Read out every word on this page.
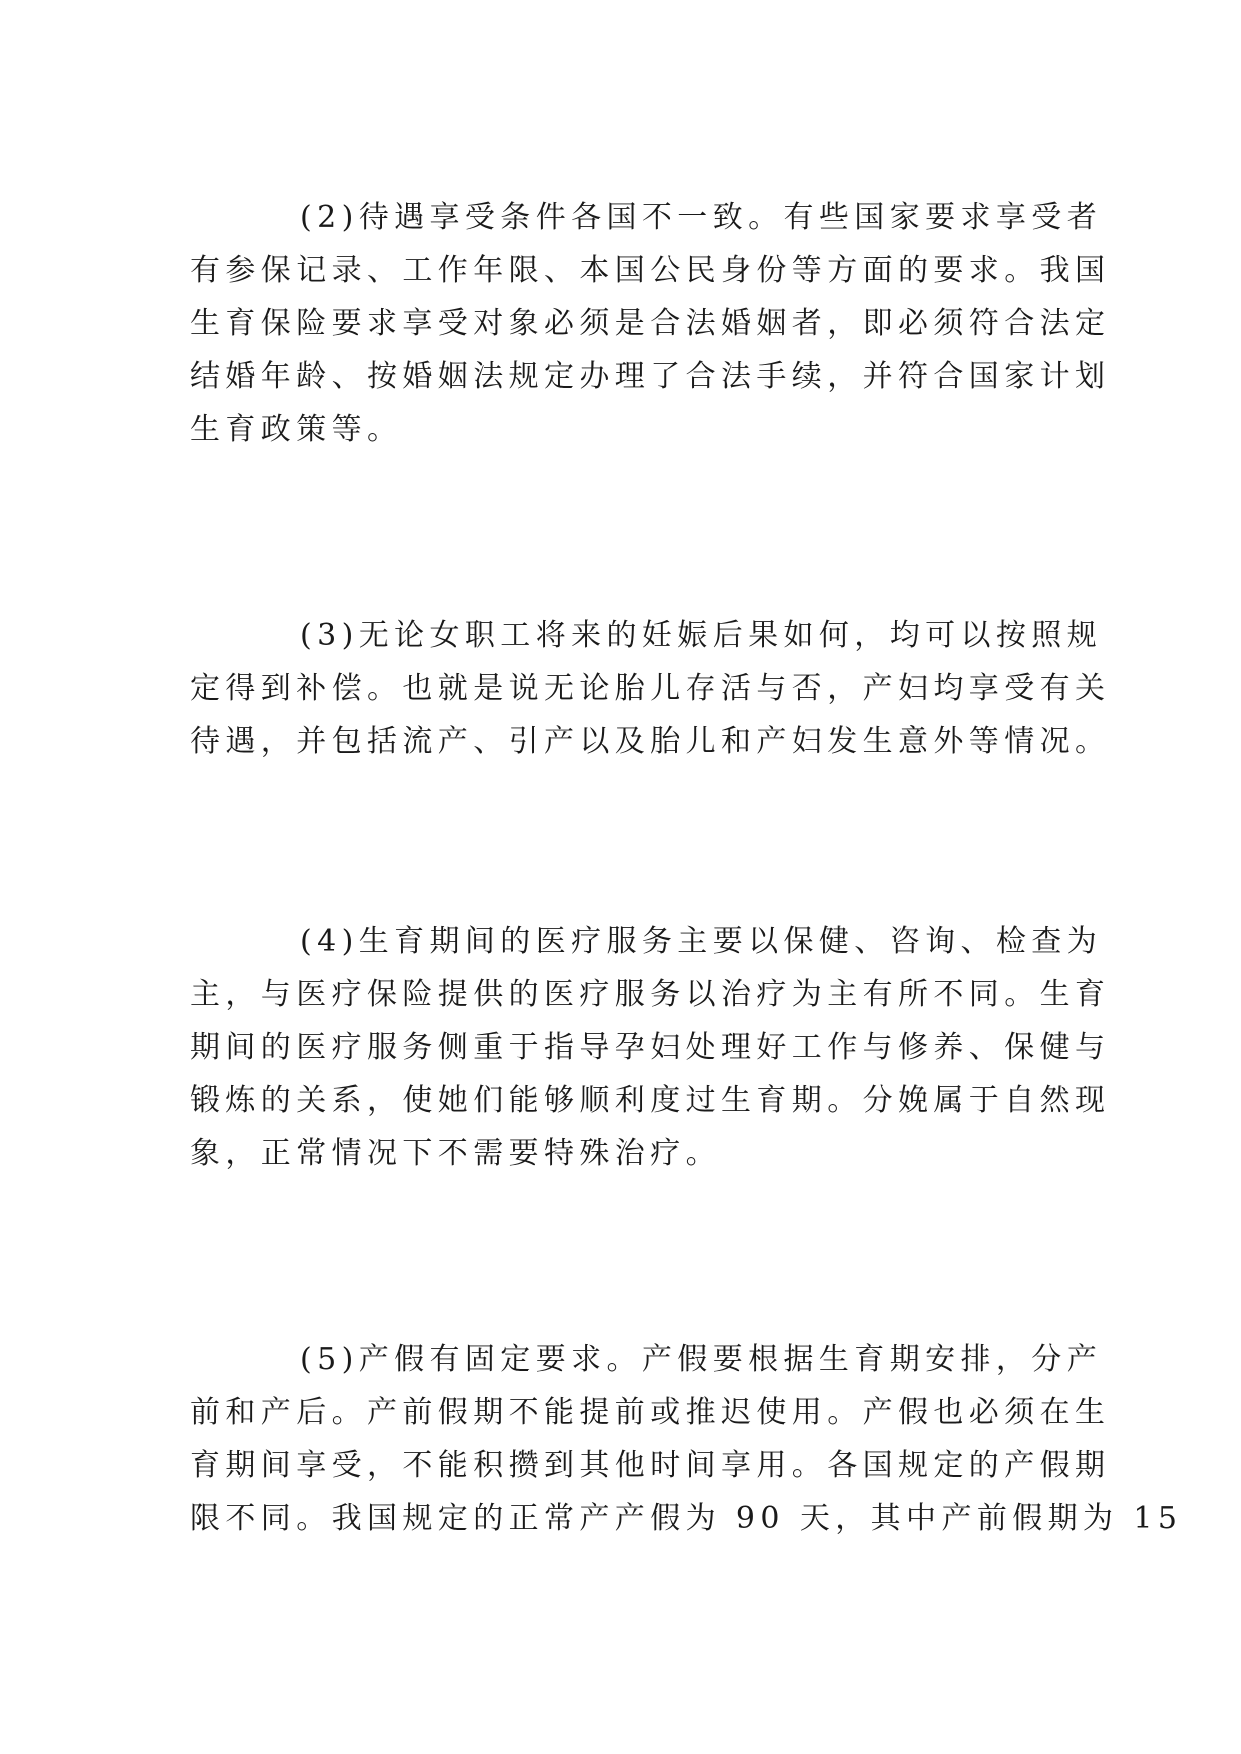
(2)待遇享受条件各国不一致。有些国家要求享受者
有参保记录、工作年限、本国公民身份等方面的要求。我国
生育保险要求享受对象必须是合法婚姻者，即必须符合法定
结婚年龄、按婚姻法规定办理了合法手续，并符合国家计划
生育政策等。
(3)无论女职工将来的妊娠后果如何，均可以按照规
定得到补偿。也就是说无论胎儿存活与否，产妇均享受有关
待遇，并包括流产、引产以及胎儿和产妇发生意外等情况。
(4)生育期间的医疗服务主要以保健、咨询、检查为
主，与医疗保险提供的医疗服务以治疗为主有所不同。生育
期间的医疗服务侧重于指导孕妇处理好工作与修养、保健与
锻炼的关系，使她们能够顺利度过生育期。分娩属于自然现
象，正常情况下不需要特殊治疗。
(5)产假有固定要求。产假要根据生育期安排，分产
前和产后。产前假期不能提前或推迟使用。产假也必须在生
育期间享受，不能积攒到其他时间享用。各国规定的产假期
限不同。我国规定的正常产产假为 90 天，其中产前假期为 15
